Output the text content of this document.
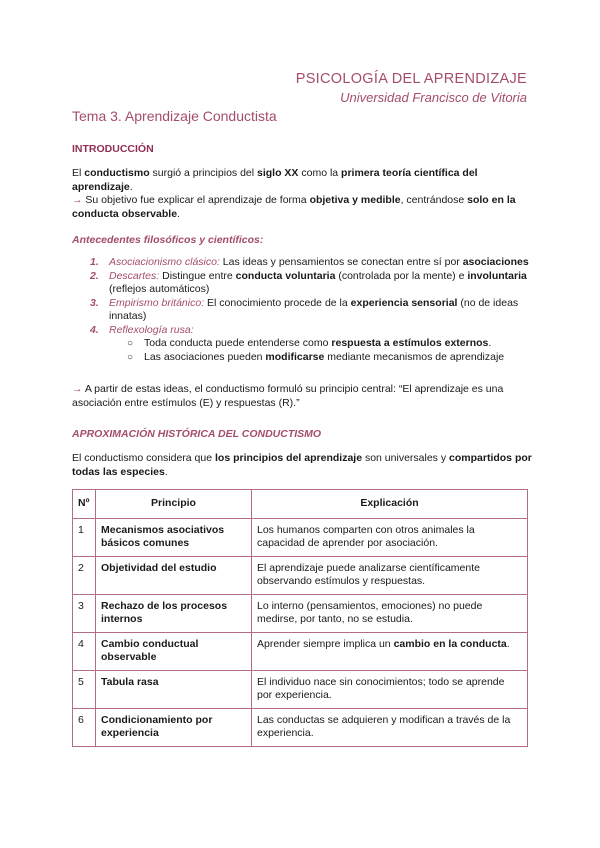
PSICOLOGÍA DEL APRENDIZAJE
Universidad Francisco de Vitoria
Tema 3. Aprendizaje Conductista
INTRODUCCIÓN
El conductismo surgió a principios del siglo XX como la primera teoría científica del aprendizaje.
→ Su objetivo fue explicar el aprendizaje de forma objetiva y medible, centrándose solo en la conducta observable.
Antecedentes filosóficos y científicos:
1. Asociacionismo clásico: Las ideas y pensamientos se conectan entre sí por asociaciones
2. Descartes: Distingue entre conducta voluntaria (controlada por la mente) e involuntaria (reflejos automáticos)
3. Empirismo británico: El conocimiento procede de la experiencia sensorial (no de ideas innatas)
4. Reflexología rusa:
○ Toda conducta puede entenderse como respuesta a estímulos externos.
○ Las asociaciones pueden modificarse mediante mecanismos de aprendizaje
→ A partir de estas ideas, el conductismo formuló su principio central: “El aprendizaje es una asociación entre estímulos (E) y respuestas (R).”
APROXIMACIÓN HISTÓRICA DEL CONDUCTISMO
El conductismo considera que los principios del aprendizaje son universales y compartidos por todas las especies.
Nº	Principio	Explicación
1	Mecanismos asociativos básicos comunes	Los humanos comparten con otros animales la capacidad de aprender por asociación.
2	Objetividad del estudio	El aprendizaje puede analizarse científicamente observando estímulos y respuestas.
3	Rechazo de los procesos internos	Lo interno (pensamientos, emociones) no puede medirse, por tanto, no se estudia.
4	Cambio conductual observable	Aprender siempre implica un cambio en la conducta.
5	Tabula rasa	El individuo nace sin conocimientos; todo se aprende por experiencia.
6	Condicionamiento por experiencia	Las conductas se adquieren y modifican a través de la experiencia.
